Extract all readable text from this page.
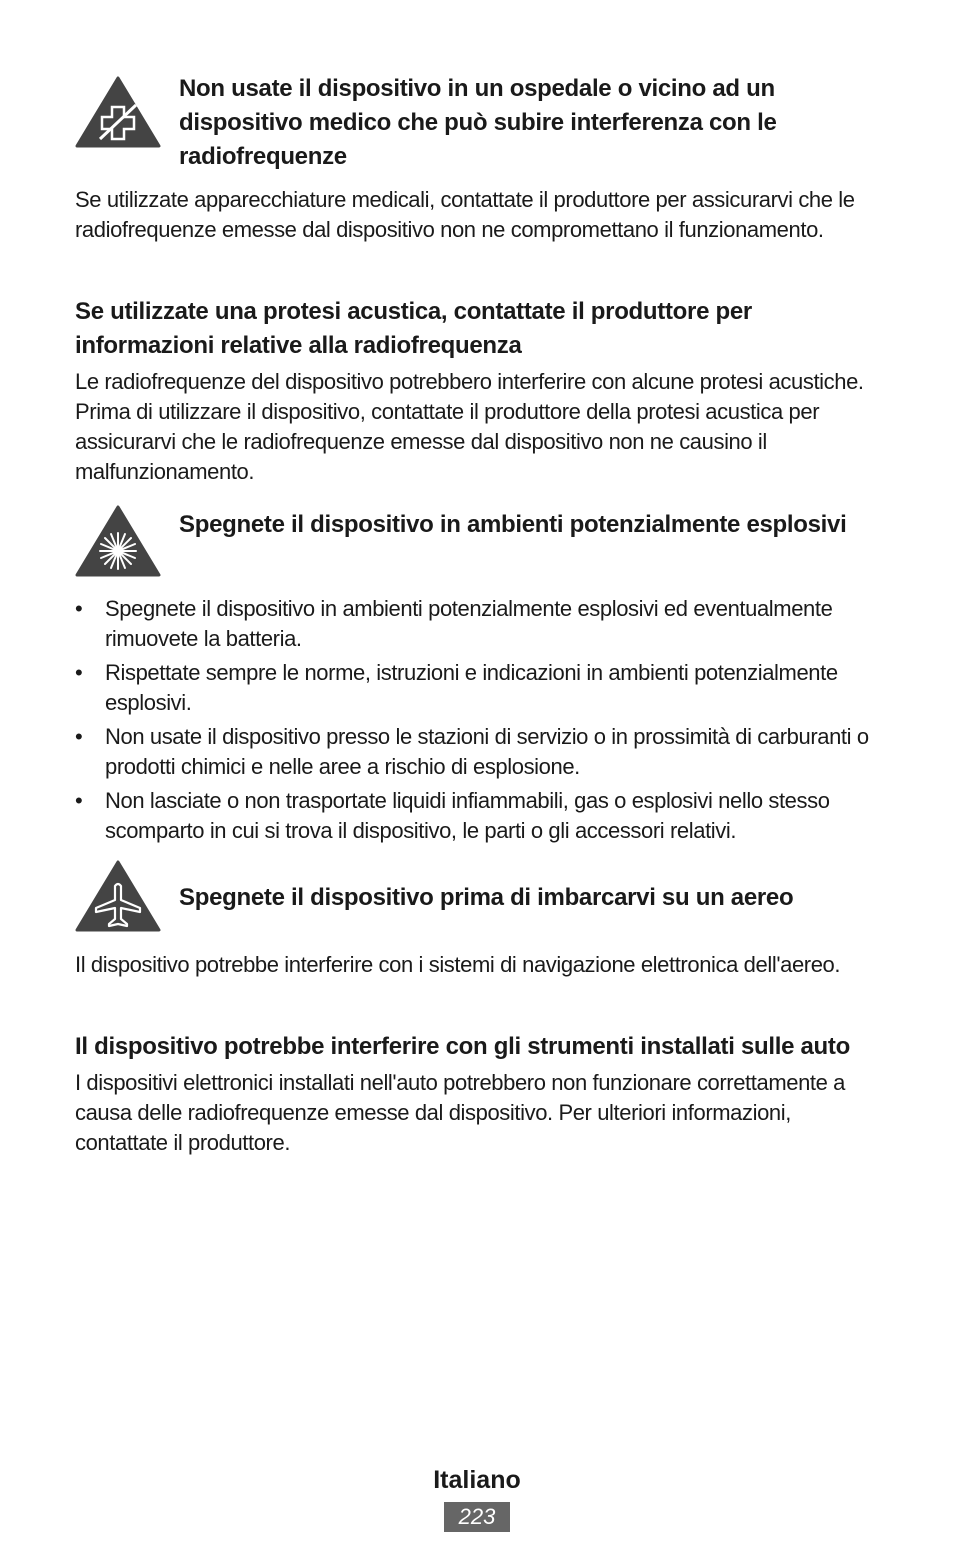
Non usate il dispositivo in un ospedale o vicino ad un dispositivo medico che può subire interferenza con le radiofrequenze

Se utilizzate apparecchiature medicali, contattate il produttore per assicurarvi che le radiofrequenze emesse dal dispositivo non ne compromettano il funzionamento.

Se utilizzate una protesi acustica, contattate il produttore per informazioni relative alla radiofrequenza

Le radiofrequenze del dispositivo potrebbero interferire con alcune protesi acustiche. Prima di utilizzare il dispositivo, contattate il produttore della protesi acustica per assicurarvi che le radiofrequenze emesse dal dispositivo non ne causino il malfunzionamento.

Spegnete il dispositivo in ambienti potenzialmente esplosivi
• Spegnete il dispositivo in ambienti potenzialmente esplosivi ed eventualmente rimuovete la batteria.
• Rispettate sempre le norme, istruzioni e indicazioni in ambienti potenzialmente esplosivi.
• Non usate il dispositivo presso le stazioni di servizio o in prossimità di carburanti o prodotti chimici e nelle aree a rischio di esplosione.
• Non lasciate o non trasportate liquidi infiammabili, gas o esplosivi nello stesso scomparto in cui si trova il dispositivo, le parti o gli accessori relativi.
Spegnete il dispositivo prima di imbarcarvi su un aereo

Il dispositivo potrebbe interferire con i sistemi di navigazione elettronica dell'aereo.

Il dispositivo potrebbe interferire con gli strumenti installati sulle auto

I dispositivi elettronici installati nell'auto potrebbero non funzionare correttamente a causa delle radiofrequenze emesse dal dispositivo. Per ulteriori informazioni, contattate il produttore.

Italiano
223
